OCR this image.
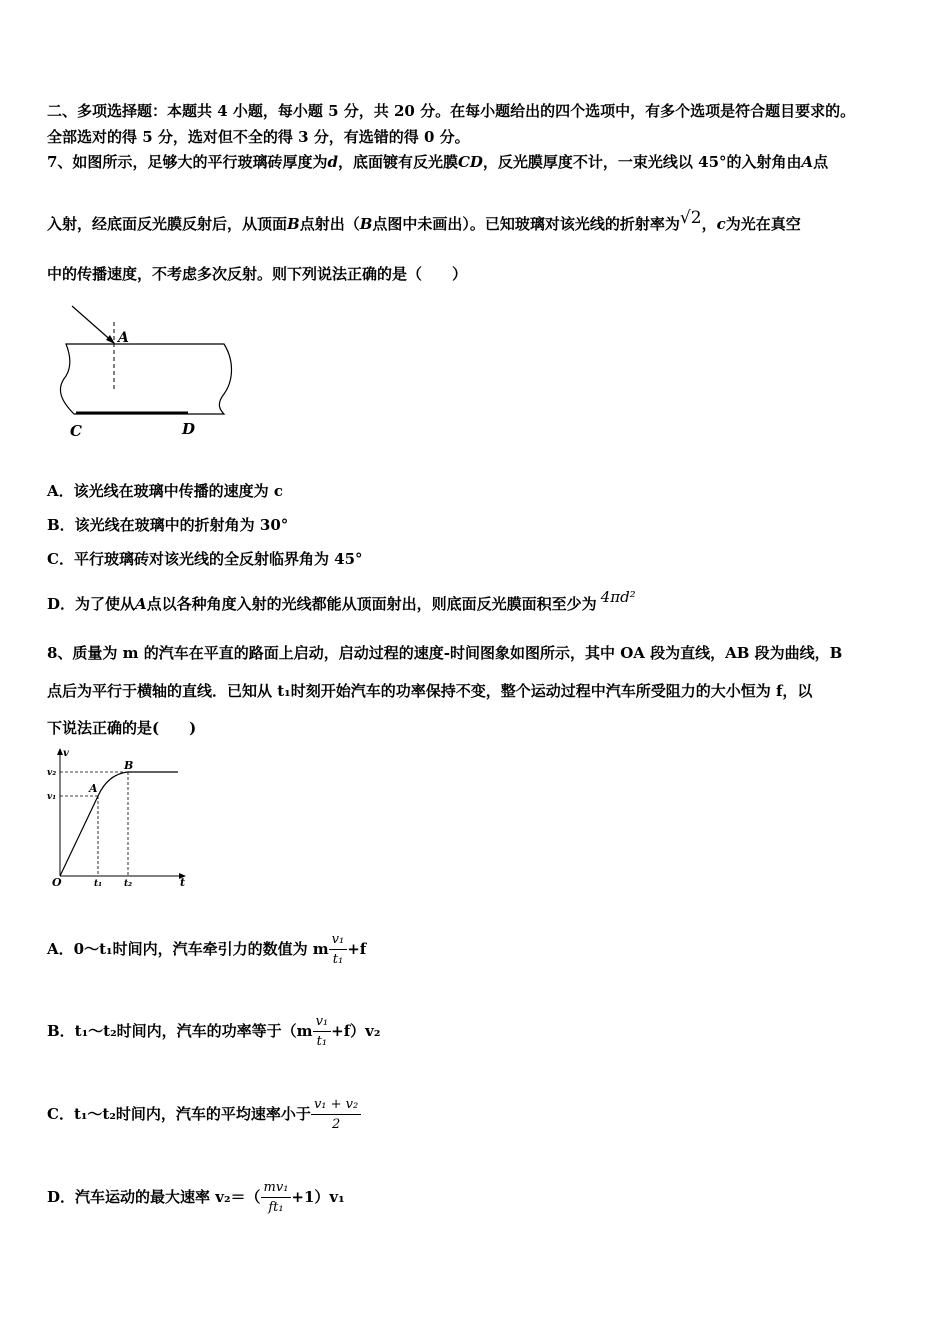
二、多项选择题：本题共 4 小题，每小题 5 分，共 20 分。在每小题给出的四个选项中，有多个选项是符合题目要求的。
全部选对的得 5 分，选对但不全的得 3 分，有选错的得 0 分。
7、如图所示，足够大的平行玻璃砖厚度为d，底面镀有反光膜CD，反光膜厚度不计，一束光线以 45°的入射角由A点
入射，经底面反光膜反射后，从顶面B点射出（B点图中未画出）。已知玻璃对该光线的折射率为√2，c为光在真空
中的传播速度，不考虑多次反射。则下列说法正确的是（　　）
A
C	D
A．该光线在玻璃中传播的速度为 c
B．该光线在玻璃中的折射角为 30°
C．平行玻璃砖对该光线的全反射临界角为 45°
D．为了使从A点以各种角度入射的光线都能从顶面射出，则底面反光膜面积至少为 4πd²
8、质量为 m 的汽车在平直的路面上启动，启动过程的速度-时间图象如图所示，其中 OA 段为直线，AB 段为曲线，B
点后为平行于横轴的直线．已知从 t₁时刻开始汽车的功率保持不变，整个运动过程中汽车所受阻力的大小恒为 f，以
下说法正确的是(　　)
v
t
O
v₁
v₂
t₁ t₂
A
B
A．0～t₁时间内，汽车牵引力的数值为 m $\frac{\text{v₁}}{\text{t₁}} +f$
B．t₁～t₂时间内，汽车的功率等于$(m \frac{\text{v₁}}{\text{t₁}} +f)v_2$
C．t₁～t₂时间内，汽车的平均速率小于 $\frac{\text{v₁ + v₂}}{2}$
D．汽车运动的最大速率 $v_2=( \frac{\text{mv₁}}{\text{ft₁}} +1)v_1$
